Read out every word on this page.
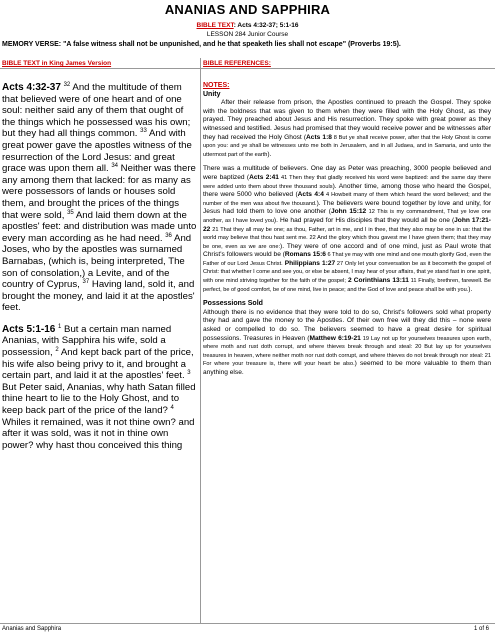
ANANIAS AND SAPPHIRA
BIBLE TEXT: Acts 4:32-37; 5:1-16
LESSON 284 Junior Course
MEMORY VERSE: "A false witness shall not be unpunished, and he that speaketh lies shall not escape" (Proverbs 19:5).
BIBLE TEXT in King James Version	BIBLE REFERENCES:
Acts 4:32-37 $^{32}$ And the multitude of them that believed were of one heart and of one soul: neither said any of them that ought of the things which he possessed was his own; but they had all things common. $^{33}$ And with great power gave the apostles witness of the resurrection of the Lord Jesus: and great grace was upon them all. $^{34}$ Neither was there any among them that lacked: for as many as were possessors of lands or houses sold them, and brought the prices of the things that were sold, $^{35}$ And laid them down at the apostles' feet: and distribution was made unto every man according as he had need. $^{36}$ And Joses, who by the apostles was surnamed Barnabas, (which is, being interpreted, The son of consolation,) a Levite, and of the country of Cyprus, $^{37}$ Having land, sold it, and brought the money, and laid it at the apostles' feet.
Acts 5:1-16 $^1$ But a certain man named Ananias, with Sapphira his wife, sold a possession, $^2$ And kept back part of the price, his wife also being privy to it, and brought a certain part, and laid it at the apostles' feet. $^3$ But Peter said, Ananias, why hath Satan filled thine heart to lie to the Holy Ghost, and to keep back part of the price of the land? $^4$ Whiles it remained, was it not thine own? and after it was sold, was it not in thine own power? why hast thou conceived this thing
NOTES:
Unity

After their release from prison, the Apostles continued to preach the Gospel. They spoke with the boldness that was given to them when they were filled with the Holy Ghost, as they prayed. They preached about Jesus and His resurrection. They spoke with great power as they witnessed and testified. Jesus had promised that they would receive power and be witnesses after they had received the Holy Ghost (Acts 1:8 8 But ye shall receive power, after that the Holy Ghost is come upon you: and ye shall be witnesses unto me both in Jerusalem, and in all Judaea, and in Samaria, and unto the uttermost part of the earth).

There was a multitude of believers. One day as Peter was preaching, 3000 people believed and were baptized (Acts 2:41 41 Then they that gladly received his word were baptized: and the same day there were added unto them about three thousand souls). Another time, among those who heard the Gospel, there were 5000 who believed (Acts 4:4 4 Howbeit many of them which heard the word believed; and the number of the men was about five thousand.). The believers were bound together by love and unity, for Jesus had told them to love one another (John 15:12 12 This is my commandment, That ye love one another, as I have loved you). He had prayed for His disciples that they would all be one (John 17:21-22 21 That they all may be one; as thou, Father, art in me, and I in thee, that they also may be one in us: that the world may believe that thou hast sent me. 22 And the glory which thou gavest me I have given them; that they may be one, even as we are one:). They were of one accord and of one mind, just as Paul wrote that Christ's followers would be (Romans 15:6 6 That ye may with one mind and one mouth glorify God, even the Father of our Lord Jesus Christ. Philippians 1:27 27 Only let your conversation be as it becometh the gospel of Christ: that whether I come and see you, or else be absent, I may hear of your affairs, that ye stand fast in one spirit, with one mind striving together for the faith of the gospel; 2 Corinthians 13:11 11 Finally, brethren, farewell. Be perfect, be of good comfort, be of one mind, live in peace; and the God of love and peace shall be with you.).

Possessions Sold

Although there is no evidence that they were told to do so, Christ's followers sold what property they had and gave the money to the Apostles. Of their own free will they did this – none were asked or compelled to do so. The believers seemed to have a great desire for spiritual possessions. Treasures in Heaven (Matthew 6:19-21 19 Lay not up for yourselves treasures upon earth, where moth and rust doth corrupt, and where thieves break through and steal: 20 But lay up for yourselves treasures in heaven, where neither moth nor rust doth corrupt, and where thieves do not break through nor steal: 21 For where your treasure is, there will your heart be also.) seemed to be more valuable to them than anything else.

Ananias and Sapphira	1 of 6
